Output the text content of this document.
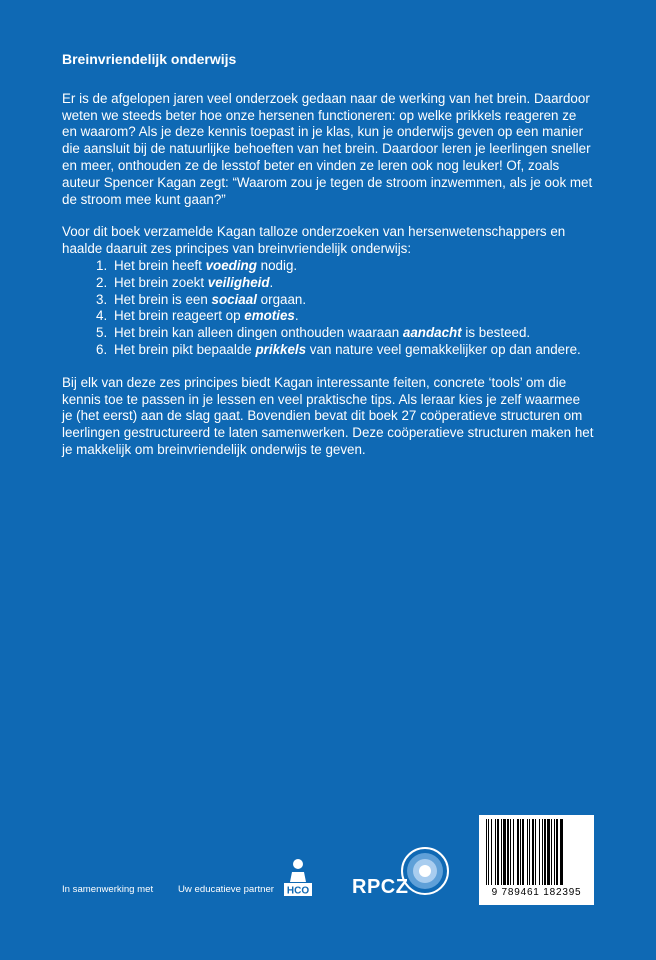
Breinvriendelijk onderwijs

Er is de afgelopen jaren veel onderzoek gedaan naar de werking van het brein. Daardoor weten we steeds beter hoe onze hersenen functioneren: op welke prikkels reageren ze en waarom? Als je deze kennis toepast in je klas, kun je onderwijs geven op een manier die aansluit bij de natuurlijke behoeften van het brein. Daardoor leren je leerlingen sneller en meer, onthouden ze de lesstof beter en vinden ze leren ook nog leuker! Of, zoals auteur Spencer Kagan zegt: “Waarom zou je tegen de stroom inzwemmen, als je ook met de stroom mee kunt gaan?”

Voor dit boek verzamelde Kagan talloze onderzoeken van hersenwetenschappers en haalde daaruit zes principes van breinvriendelijk onderwijs:

1. Het brein heeft voeding nodig.
2. Het brein zoekt veiligheid.
3. Het brein is een sociaal orgaan.
4. Het brein reageert op emoties.
5. Het brein kan alleen dingen onthouden waaraan aandacht is besteed.
6. Het brein pikt bepaalde prikkels van nature veel gemakkelijker op dan andere.

Bij elk van deze zes principes biedt Kagan interessante feiten, concrete ‘tools’ om die kennis toe te passen in je lessen en veel praktische tips. Als leraar kies je zelf waarmee je (het eerst) aan de slag gaat. Bovendien bevat dit boek 27 coöperatieve structuren om leerlingen gestructureerd te laten samenwerken. Deze coöperatieve structuren maken het je makkelijk om breinvriendelijk onderwijs te geven.

In samenwerking met	Uw educatieve partner HCO RPCZ	9 789461 182395
